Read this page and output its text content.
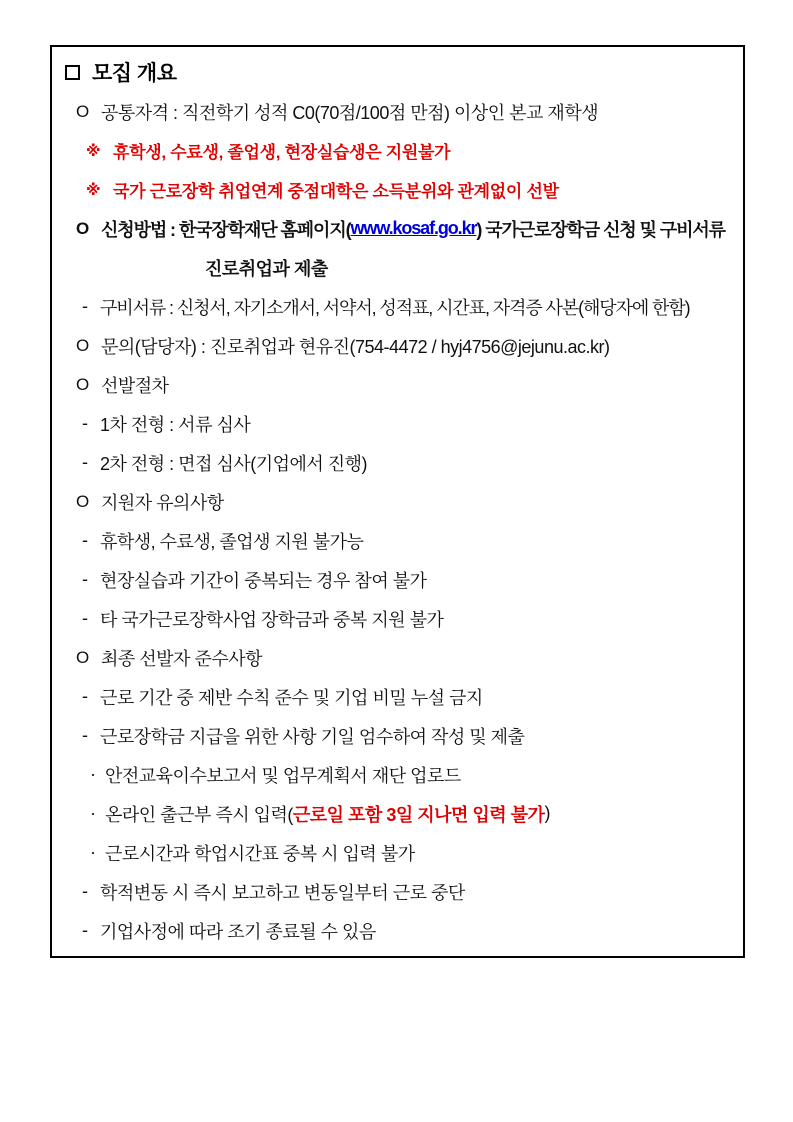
모집 개요
O 공통자격 : 직전학기 성적 C0(70점/100점 만점) 이상인 본교 재학생
※ 휴학생, 수료생, 졸업생, 현장실습생은 지원불가
※ 국가 근로장학 취업연계 중점대학은 소득분위와 관계없이 선발
O 신청방법 : 한국장학재단 홈페이지( www.kosaf.go.kr ) 국가근로장학금 신청 및 구비서류
진로취업과 제출
- 구비서류 : 신청서, 자기소개서, 서약서, 성적표, 시간표, 자격증 사본(해당자에 한함)
O 문의(담당자) : 진로취업과 현유진(754-4472 / hyj4756@jejunu.ac.kr)
O 선발절차
- 1차 전형 : 서류 심사
- 2차 전형 : 면접 심사(기업에서 진행)
O 지원자 유의사항
- 휴학생, 수료생, 졸업생 지원 불가능
- 현장실습과 기간이 중복되는 경우 참여 불가
- 타 국가근로장학사업 장학금과 중복 지원 불가
O 최종 선발자 준수사항
- 근로 기간 중 제반 수칙 준수 및 기업 비밀 누설 금지
- 근로장학금 지급을 위한 사항 기일 엄수하여 작성 및 제출
· 안전교육이수보고서 및 업무계획서 재단 업로드
· 온라인 출근부 즉시 입력( 근로일 포함 3일 지나면 입력 불가 )
· 근로시간과 학업시간표 중복 시 입력 불가
- 학적변동 시 즉시 보고하고 변동일부터 근로 중단
- 기업사정에 따라 조기 종료될 수 있음
